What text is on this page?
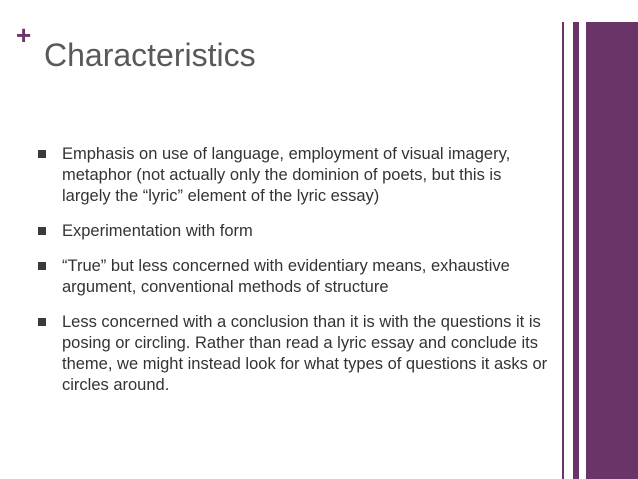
+
Characteristics
Emphasis on use of language, employment of visual imagery, metaphor (not actually only the dominion of poets, but this is largely the “lyric” element of the lyric essay)
Experimentation with form
“True” but less concerned with evidentiary means, exhaustive argument, conventional methods of structure
Less concerned with a conclusion than it is with the questions it is posing or circling. Rather than read a lyric essay and conclude its theme, we might instead look for what types of questions it asks or circles around.
